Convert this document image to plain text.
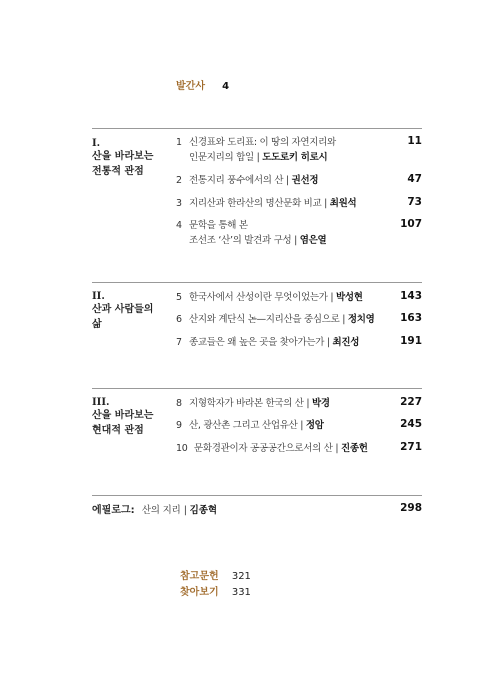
발간사 4
I.
산을 바라보는
전통적 관점
1 신경표와 도리표: 이 땅의 자연지리와
인문지리의 합일 | 도도로키 히로시
11
2 전통지리 풍수에서의 산 | 권선정	47
3 지리산과 한라산의 명산문화 비교 | 최원석	73
4 문학을 통해 본
조선조 ‘산’의 발견과 구성 | 염은열
107
II.
산과 사람들의
삶
5 한국사에서 산성이란 무엇이었는가 | 박성현	143
6 산지와 계단식 논—지리산을 중심으로 | 정치영	163
7 종교들은 왜 높은 곳을 찾아가는가 | 최진성	191
III.
산을 바라보는
현대적 관점
8 지형학자가 바라본 한국의 산 | 박경	227
9 산, 광산촌 그리고 산업유산 | 정암	245
10 문화경관이자 공공공간으로서의 산 | 진종헌	271
에필로그: 산의 지리 | 김종혁	298
참고문헌 321
찾아보기 331
